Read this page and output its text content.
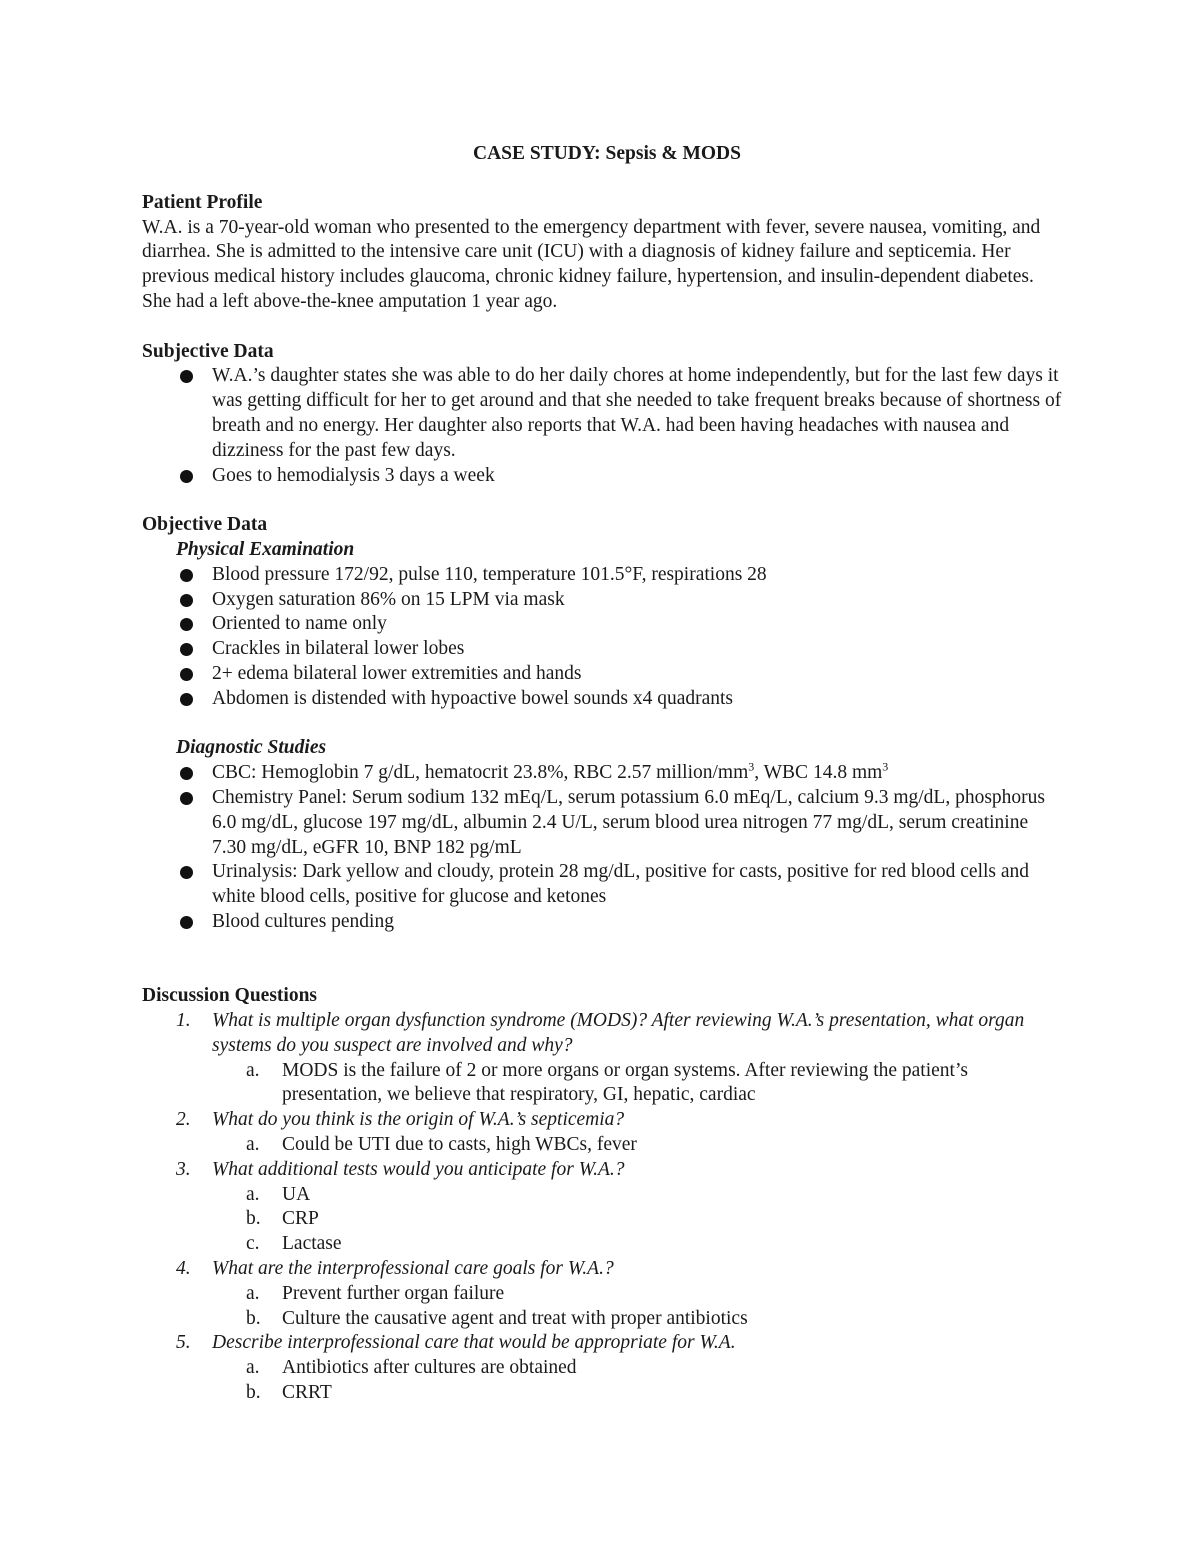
CASE STUDY: Sepsis & MODS

Patient Profile

W.A. is a 70-year-old woman who presented to the emergency department with fever, severe nausea, vomiting, and diarrhea. She is admitted to the intensive care unit (ICU) with a diagnosis of kidney failure and septicemia. Her previous medical history includes glaucoma, chronic kidney failure, hypertension, and insulin-dependent diabetes. She had a left above-the-knee amputation 1 year ago.

Subjective Data

W.A.’s daughter states she was able to do her daily chores at home independently, but for the last few days it was getting difficult for her to get around and that she needed to take frequent breaks because of shortness of breath and no energy. Her daughter also reports that W.A. had been having headaches with nausea and dizziness for the past few days.
Goes to hemodialysis 3 days a week

Objective Data

Physical Examination

Blood pressure 172/92, pulse 110, temperature 101.5°F, respirations 28
Oxygen saturation 86% on 15 LPM via mask
Oriented to name only
Crackles in bilateral lower lobes
2+ edema bilateral lower extremities and hands
Abdomen is distended with hypoactive bowel sounds x4 quadrants

Diagnostic Studies

CBC: Hemoglobin 7 g/dL, hematocrit 23.8%, RBC 2.57 million/$mm^3$, WBC 14.8 $mm^3$
Chemistry Panel: Serum sodium 132 mEq/L, serum potassium 6.0 mEq/L, calcium 9.3 mg/dL, phosphorus 6.0 mg/dL, glucose 197 mg/dL, albumin 2.4 U/L, serum blood urea nitrogen 77 mg/dL, serum creatinine 7.30 mg/dL, eGFR 10, BNP 182 pg/mL
Urinalysis: Dark yellow and cloudy, protein 28 mg/dL, positive for casts, positive for red blood cells and white blood cells, positive for glucose and ketones
Blood cultures pending

Discussion Questions

1. What is multiple organ dysfunction syndrome (MODS)? After reviewing W.A.’s presentation, what organ systems do you suspect are involved and why?
a. MODS is the failure of 2 or more organs or organ systems. After reviewing the patient’s presentation, we believe that respiratory, GI, hepatic, cardiac
2. What do you think is the origin of W.A.’s septicemia?
a. Could be UTI due to casts, high WBCs, fever
3. What additional tests would you anticipate for W.A.?
a. UA
b. CRP
c. Lactase
4. What are the interprofessional care goals for W.A.?
a. Prevent further organ failure
b. Culture the causative agent and treat with proper antibiotics
5. Describe interprofessional care that would be appropriate for W.A.
a. Antibiotics after cultures are obtained
b. CRRT
